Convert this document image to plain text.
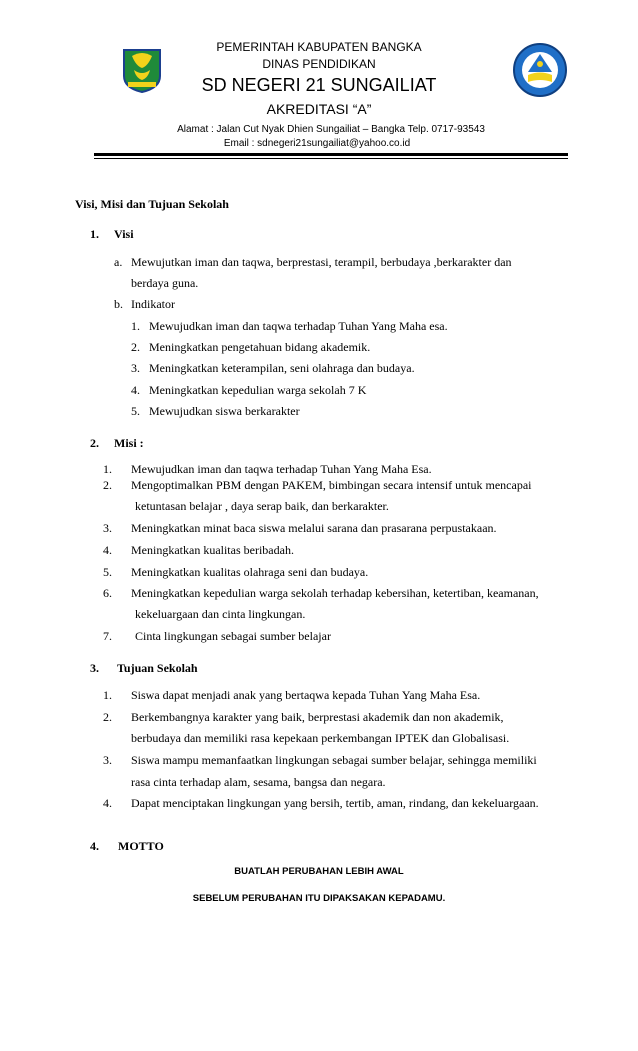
PEMERINTAH KABUPATEN BANGKA
DINAS PENDIDIKAN
SD NEGERI 21 SUNGAILIAT
AKREDITASI “A”
Alamat : Jalan Cut Nyak Dhien Sungailiat – Bangka Telp. 0717-93543
Email : sdnegeri21sungailiat@yahoo.co.id
Visi, Misi dan Tujuan Sekolah
1. Visi
a. Mewujutkan iman dan taqwa, berprestasi, terampil, berbudaya ,berkarakter dan
berdaya guna.
b. Indikator
1. Mewujudkan iman dan taqwa terhadap Tuhan Yang Maha esa.
2. Meningkatkan pengetahuan bidang akademik.
3. Meningkatkan keterampilan, seni olahraga dan budaya.
4. Meningkatkan kepedulian warga sekolah 7 K
5. Mewujudkan siswa berkarakter
2. Misi :
1. Mewujudkan iman dan taqwa terhadap Tuhan Yang Maha Esa.
2. Mengoptimalkan PBM dengan PAKEM, bimbingan secara intensif untuk mencapai
ketuntasan belajar , daya serap baik, dan berkarakter.
3. Meningkatkan minat baca siswa melalui sarana dan prasarana perpustakaan.
4. Meningkatkan kualitas beribadah.
5. Meningkatkan kualitas olahraga seni dan budaya.
6. Meningkatkan kepedulian warga sekolah terhadap kebersihan, ketertiban, keamanan,
kekeluargaan dan cinta lingkungan.
7. Cinta lingkungan sebagai sumber belajar
3. Tujuan Sekolah
1. Siswa dapat menjadi anak yang bertaqwa kepada Tuhan Yang Maha Esa.
2. Berkembangnya karakter yang baik, berprestasi akademik dan non akademik,
berbudaya dan memiliki rasa kepekaan perkembangan IPTEK dan Globalisasi.
3. Siswa mampu memanfaatkan lingkungan sebagai sumber belajar, sehingga memiliki
rasa cinta terhadap alam, sesama, bangsa dan negara.
4. Dapat menciptakan lingkungan yang bersih, tertib, aman, rindang, dan kekeluargaan.
4. MOTTO
BUATLAH PERUBAHAN LEBIH AWAL
SEBELUM PERUBAHAN ITU DIPAKSAKAN KEPADAMU.
